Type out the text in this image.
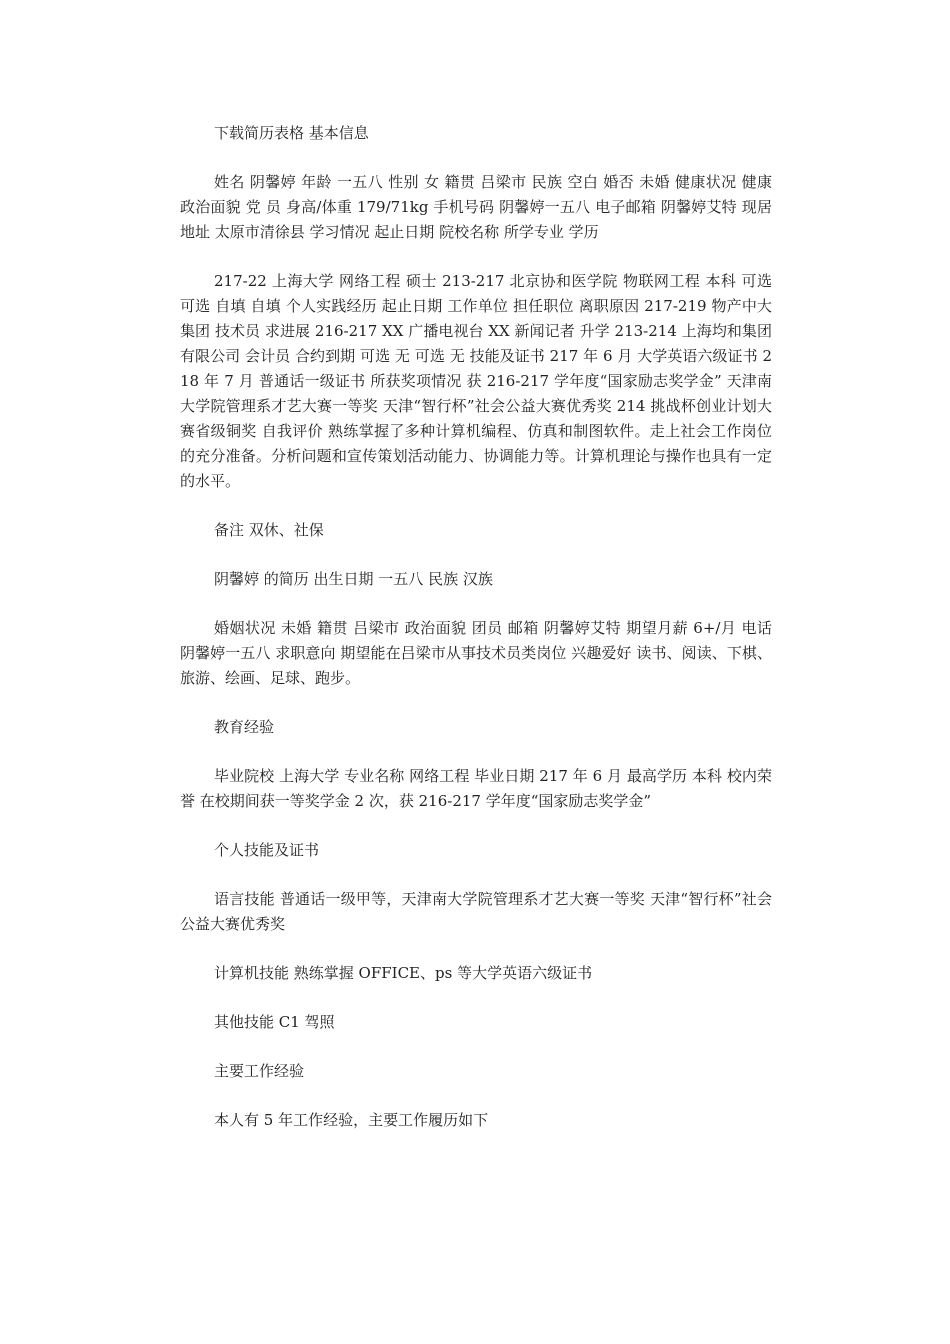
下载简历表格 基本信息

姓名 阴馨婷 年龄 一五八 性别 女 籍贯 吕梁市 民族 空白 婚否 未婚 健康状况 健康 政治面貌 党 员 身高/体重 179/71kg 手机号码 阴馨婷一五八 电子邮箱 阴馨婷艾特 现居地址 太原市清徐县 学习情况 起止日期 院校名称 所学专业 学历

217-22 上海大学 网络工程 硕士 213-217 北京协和医学院 物联网工程 本科 可选 可选 自填 自填 个人实践经历 起止日期 工作单位 担任职位 离职原因 217-219 物产中大集团 技术员 求进展 216-217 XX 广播电视台 XX 新闻记者 升学 213-214 上海均和集团有限公司 会计员 合约到期 可选 无 可选 无 技能及证书 217 年 6 月 大学英语六级证书 218 年 7 月 普通话一级证书 所获奖项情况 获 216-217 学年度“国家励志奖学金” 天津南大学院管理系才艺大赛一等奖 天津“智行杯”社会公益大赛优秀奖 214 挑战杯创业计划大赛省级铜奖 自我评价 熟练掌握了多种计算机编程、仿真和制图软件。走上社会工作岗位的充分准备。分析问题和宣传策划活动能力、协调能力等。计算机理论与操作也具有一定的水平。

备注 双休、社保

阴馨婷 的简历 出生日期 一五八 民族 汉族

婚姻状况 未婚 籍贯 吕梁市 政治面貌 团员 邮箱 阴馨婷艾特 期望月薪 6+/月 电话 阴馨婷一五八 求职意向 期望能在吕梁市从事技术员类岗位 兴趣爱好 读书、阅读、下棋、旅游、绘画、足球、跑步。

教育经验

毕业院校 上海大学 专业名称 网络工程 毕业日期 217 年 6 月 最高学历 本科 校内荣誉 在校期间获一等奖学金 2 次，获 216-217 学年度“国家励志奖学金”

个人技能及证书

语言技能 普通话一级甲等，天津南大学院管理系才艺大赛一等奖 天津“智行杯”社会公益大赛优秀奖

计算机技能 熟练掌握 OFFICE、ps 等大学英语六级证书

其他技能 C1 驾照

主要工作经验

本人有 5 年工作经验，主要工作履历如下
